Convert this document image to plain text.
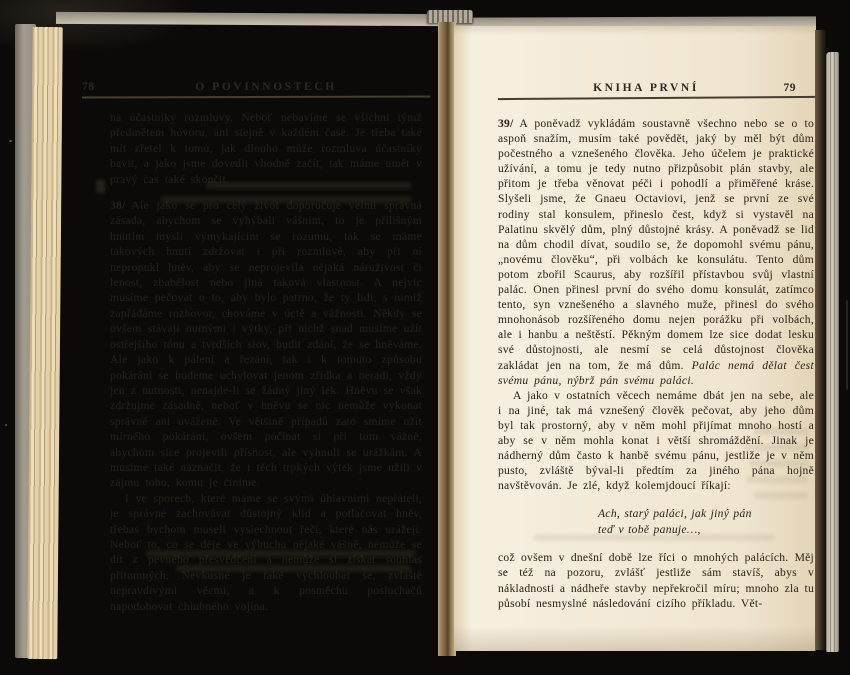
78	O POVINNOSTECH

na účastníky rozmluvy. Neboť nebavíme se všichni týmž předmětem hovoru, ani stejně v každém čase. Je třeba také mít zřetel k tomu, jak dlouho může rozmluva účastníky bavit, a jako jsme dovedli vhodně začít, tak máme umět v pravý čas také skončit.

38/ Ale jako se pro celý život doporučuje velmi správná zásada, abychom se vyhýbali vášním, to je přílišným hnutím mysli vymykajícím se rozumu, tak se máme takových hnutí zdržovat i při rozmluvě, aby při ní nepropukl hněv, aby se neprojevila nějaká náruživost či lenost, zbabělost nebo jiná taková vlastnost. A nejvíc musíme pečovat o to, aby bylo patrno, že ty lidi, s nimiž zapřádáme rozhovor, chováme v úctě a vážnosti. Někdy se ovšem stávají nutnými i výtky, při nichž snad musíme užít ostřejšího tónu a tvrdších slov, budit zdání, že se hněváme. Ale jako k pálení a řezání, tak i k tomuto způsobu pokárání se budeme uchylovat jenom zřídka a neradi, vždy jen z nutnosti, nenajde-li se žádný jiný lék. Hněvu se však zdržujme zásadně, neboť v hněvu se nic nemůže vykonat správně ani uváženě. Ve většině případů zato smíme užít mírného pokárání, ovšem počínat si při tom vážně, abychom sice projevili přísnost, ale vyhnuli se urážkám. A musíme také naznačit, že i těch trpkých výtek jsme užili v zájmu toho, komu je činíme.

I ve sporech, které máme se svými úhlavními nepřáteli, je správné zachovávat důstojný klid a potlačovat hněv, třebas bychom museli vyslechnout řeči, které nás urážejí. Neboť to, co se děje ve výbuchu nějaké vášně, nemůže se dít z pevného přesvědčení a nemůže si získat souhlas přítomných. Nevkusné je také vychloubat se, zvláště nepravdivými věcmi, a k posměchu posluchačů napodobovat chlubného vojína.

KNIHA PRVNÍ	79

39/ A poněvadž vykládám soustavně všechno nebo se o to aspoň snažím, musím také povědět, jaký by měl být dům počestného a vznešeného člověka. Jeho účelem je praktické užívání, a tomu je tedy nutno přizpůsobit plán stavby, ale přitom je třeba věnovat péči i pohodlí a přiměřené kráse. Slyšeli jsme, že Gnaeu Octaviovi, jenž se první ze své rodiny stal konsulem, přineslo čest, když si vystavěl na Palatinu skvělý dům, plný důstojné krásy. A poněvadž se lid na dům chodil dívat, soudilo se, že dopomohl svému pánu, „novému člověku“, při volbách ke konsulátu. Tento dům potom zbořil Scaurus, aby rozšířil přístavbou svůj vlastní palác. Onen přinesl první do svého domu konsulát, zatímco tento, syn vznešeného a slavného muže, přinesl do svého mnohonásob rozšířeného domu nejen porážku při volbách, ale i hanbu a neštěstí. Pěkným domem lze sice dodat lesku své důstojnosti, ale nesmí se celá důstojnost člověka zakládat jen na tom, že má dům. Palác nemá dělat čest svému pánu, nýbrž pán svému paláci.

A jako v ostatních věcech nemáme dbát jen na sebe, ale i na jiné, tak má vznešený člověk pečovat, aby jeho dům byl tak prostorný, aby v něm mohl přijímat mnoho hostí a aby se v něm mohla konat i větší shromáždění. Jinak je nádherný dům často k hanbě svému pánu, jestliže je v něm pusto, zvláště býval-li předtím za jiného pána hojně navštěvován. Je zlé, když kolemjdoucí říkají:

Ach, starý paláci, jak jiný pán
teď v tobě panuje…,

což ovšem v dnešní době lze říci o mnohých palácích. Měj se též na pozoru, zvlášť jestliže sám stavíš, abys v nákladnosti a nádheře stavby nepřekročil míru; mnoho zla tu působí nesmyslné následování cizího příkladu. Vět-
